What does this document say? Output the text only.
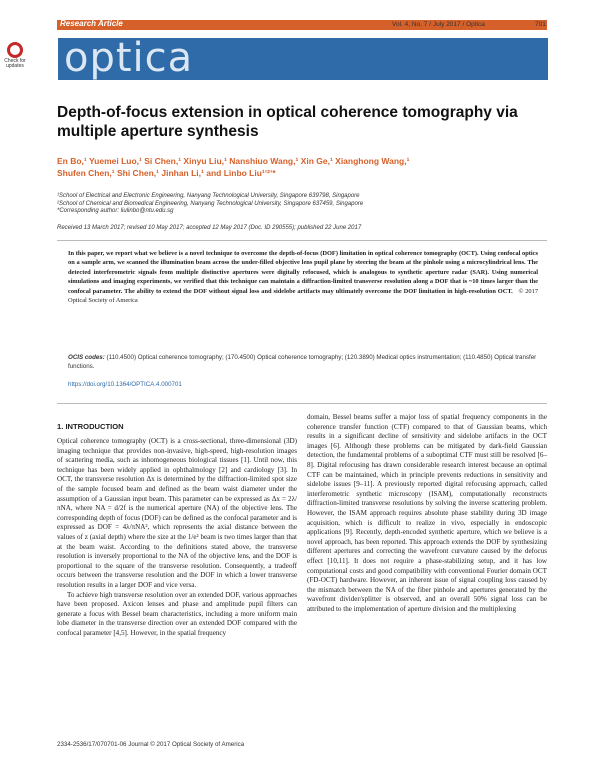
Research Article	Vol. 4, No. 7 / July 2017 / Optica	701
Check for updates optica
Depth-of-focus extension in optical coherence tomography via multiple aperture synthesis
En Bo,¹ Yuemei Luo,¹ Si Chen,¹ Xinyu Liu,¹ Nanshiuo Wang,¹ Xin Ge,¹ Xianghong Wang,¹
Shufen Chen,¹ Shi Chen,¹ Jinhan Li,¹ and Linbo Liu¹ʼ²ʼ*
¹School of Electrical and Electronic Engineering, Nanyang Technological University, Singapore 639798, Singapore
²School of Chemical and Biomedical Engineering, Nanyang Technological University, Singapore 637459, Singapore
*Corresponding author: liulinbo@ntu.edu.sg
Received 13 March 2017; revised 10 May 2017; accepted 12 May 2017 (Doc. ID 290555); published 22 June 2017
In this paper, we report what we believe is a novel technique to overcome the depth-of-focus (DOF) limitation in optical coherence tomography (OCT). Using confocal optics on a sample arm, we scanned the illumination beam across the under-filled objective lens pupil plane by steering the beam at the pinhole using a microcylindrical lens. The detected interferometric signals from multiple distinctive apertures were digitally refocused, which is analogous to synthetic aperture radar (SAR). Using numerical simulations and imaging experiments, we verified that this technique can maintain a diffraction-limited transverse resolution along a DOF that is ~10 times larger than the confocal parameter. The ability to extend the DOF without signal loss and sidelobe artifacts may ultimately overcome the DOF limitation in high-resolution OCT. © 2017 Optical Society of America
OCIS codes: (110.4500) Optical coherence tomography; (170.4500) Optical coherence tomography; (120.3890) Medical optics instrumentation; (110.4850) Optical transfer functions.
https://doi.org/10.1364/OPTICA.4.000701
1. INTRODUCTION

Optical coherence tomography (OCT) is a cross-sectional, three-dimensional (3D) imaging technique that provides non-invasive, high-speed, high-resolution images of scattering media, such as inhomogeneous biological tissues [1]. Until now, this technique has been widely applied in ophthalmology [2] and cardiology [3]. In OCT, the transverse resolution Δx is determined by the diffraction-limited spot size of the sample focused beam and defined as the beam waist diameter under the assumption of a Gaussian input beam. This parameter can be expressed as Δx = 2λ/πNA, where NA = d/2f is the numerical aperture (NA) of the objective lens. The corresponding depth of focus (DOF) can be defined as the confocal parameter and is expressed as DOF = 4λ/πNA², which represents the axial distance between the values of z (axial depth) where the size at the 1/e² beam is two times larger than that at the beam waist. According to the definitions stated above, the transverse resolution is inversely proportional to the NA of the objective lens, and the DOF is proportional to the square of the transverse resolution. Consequently, a tradeoff occurs between the transverse resolution and the DOF in which a lower transverse resolution results in a larger DOF and vice versa.

To achieve high transverse resolution over an extended DOF, various approaches have been proposed. Axicon lenses and phase and amplitude pupil filters can generate a focus with Bessel beam characteristics, including a more uniform main lobe diameter in the transverse direction over an extended DOF compared with the confocal parameter [4,5]. However, in the spatial frequency

domain, Bessel beams suffer a major loss of spatial frequency components in the coherence transfer function (CTF) compared to that of Gaussian beams, which results in a significant decline of sensitivity and sidelobe artifacts in the OCT images [6]. Although these problems can be mitigated by dark-field Gaussian detection, the fundamental problems of a suboptimal CTF must still be resolved [6–8]. Digital refocusing has drawn considerable research interest because an optimal CTF can be maintained, which in principle prevents reductions in sensitivity and sidelobe issues [9–11]. A previously reported digital refocusing approach, called interferometric synthetic microscopy (ISAM), computationally reconstructs diffraction-limited transverse resolutions by solving the inverse scattering problem. However, the ISAM approach requires absolute phase stability during 3D image acquisition, which is difficult to realize in vivo, especially in endoscopic applications [9]. Recently, depth-encoded synthetic aperture, which we believe is a novel approach, has been reported. This approach extends the DOF by synthesizing different apertures and correcting the wavefront curvature caused by the defocus effect [10,11]. It does not require a phase-stabilizing setup, and it has low computational costs and good compatibility with conventional Fourier domain OCT (FD-OCT) hardware. However, an inherent issue of signal coupling loss caused by the mismatch between the NA of the fiber pinhole and apertures generated by the wavefront divider/splitter is observed, and an overall 50% signal loss can be attributed to the implementation of aperture division and the multiplexing

2334-2536/17/070701-06 Journal © 2017 Optical Society of America
